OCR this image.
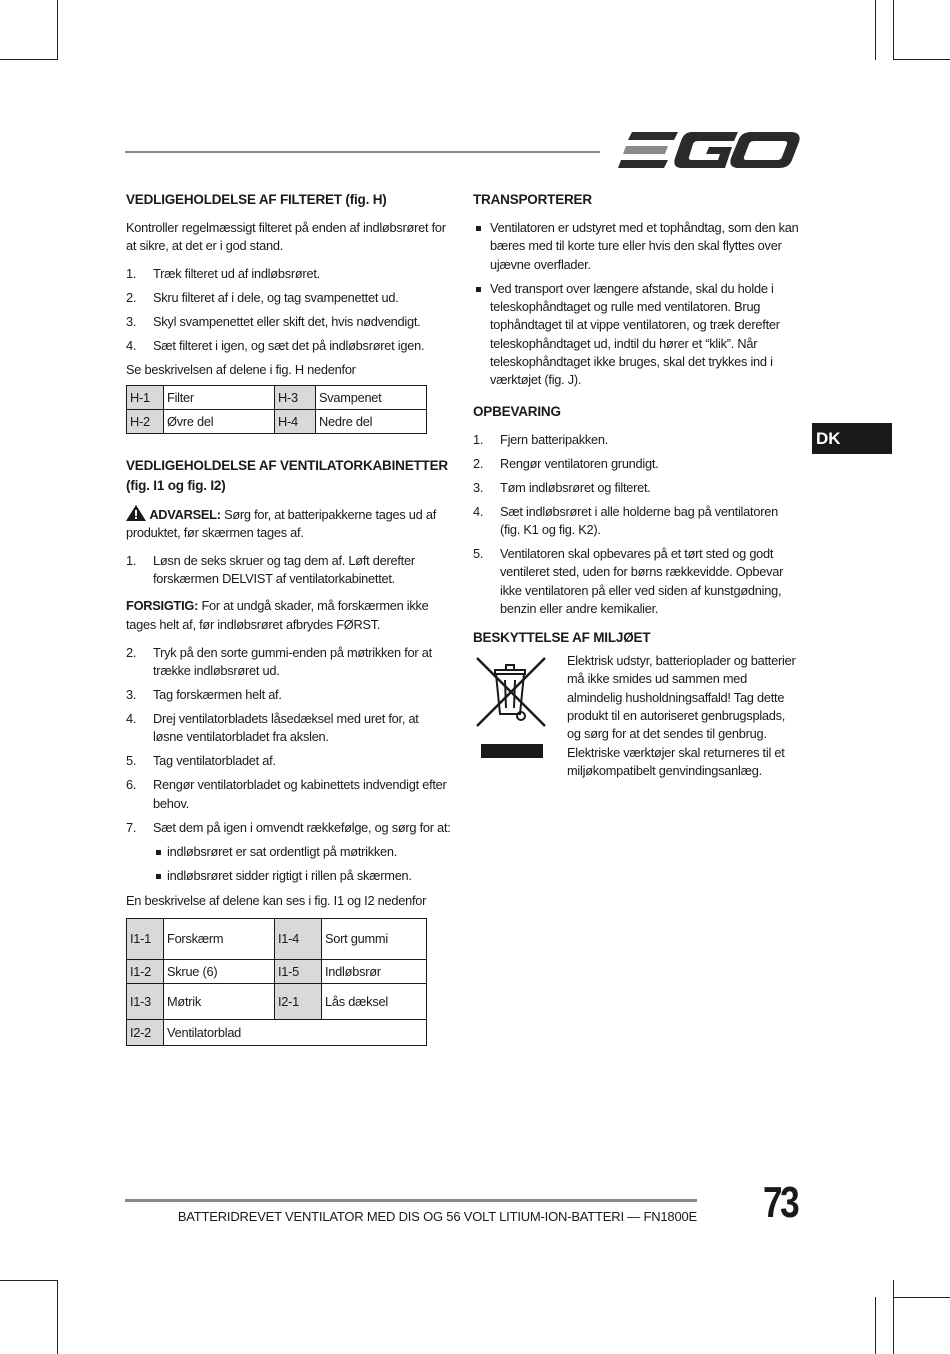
VEDLIGEHOLDELSE AF FILTERET (fig. H)

Kontroller regelmæssigt filteret på enden af indløbsrøret for at sikre, at det er i god stand.

1. Træk filteret ud af indløbsrøret.
2. Skru filteret af i dele, og tag svampenettet ud.
3. Skyl svampenettet eller skift det, hvis nødvendigt.
4. Sæt filteret i igen, og sæt det på indløbsrøret igen.

Se beskrivelsen af delene i fig. H nedenfor

H-1	Filter	H-3	Svampenet
H-2	Øvre del	H-4	Nedre del
VEDLIGEHOLDELSE AF VENTILATORKABINETTER (fig. I1 og fig. I2)

ADVARSEL: Sørg for, at batteripakkerne tages ud af produktet, før skærmen tages af.

1. Løsn de seks skruer og tag dem af. Løft derefter forskærmen DELVIST af ventilatorkabinettet.

FORSIGTIG: For at undgå skader, må forskærmen ikke tages helt af, før indløbsrøret afbrydes FØRST.

2. Tryk på den sorte gummi-enden på møtrikken for at trække indløbsrøret ud.
3. Tag forskærmen helt af.
4. Drej ventilatorbladets låsedæksel med uret for, at løsne ventilatorbladet fra akslen.
5. Tag ventilatorbladet af.
6. Rengør ventilatorbladet og kabinettets indvendigt efter behov.
7. Sæt dem på igen i omvendt rækkefølge, og sørg for at:
indløbsrøret er sat ordentligt på møtrikken.
indløbsrøret sidder rigtigt i rillen på skærmen.

En beskrivelse af delene kan ses i fig. I1 og I2 nedenfor

I1-1	Forskærm	I1-4	Sort gummi
I1-2	Skrue (6)	I1-5	Indløbsrør
I1-3	Møtrik	I2-1	Lås dæksel
I2-2	Ventilatorblad		
TRANSPORTERER
Ventilatoren er udstyret med et tophåndtag, som den kan bæres med til korte ture eller hvis den skal flyttes over ujævne overflader.
Ved transport over længere afstande, skal du holde i teleskophåndtaget og rulle med ventilatoren. Brug tophåndtaget til at vippe ventilatoren, og træk derefter teleskophåndtaget ud, indtil du hører et “klik”. Når teleskophåndtaget ikke bruges, skal det trykkes ind i værktøjet (fig. J).
OPBEVARING
1. Fjern batteripakken.
2. Rengør ventilatoren grundigt.
3. Tøm indløbsrøret og filteret.
4. Sæt indløbsrøret i alle holderne bag på ventilatoren (fig. K1 og fig. K2).
5. Ventilatoren skal opbevares på et tørt sted og godt ventileret sted, uden for børns rækkevidde. Opbevar ikke ventilatoren på eller ved siden af kunstgødning, benzin eller andre kemikalier.
BESKYTTELSE AF MILJØET

Elektrisk udstyr, batterioplader og batterier må ikke smides ud sammen med almindelig husholdningsaffald! Tag dette produkt til en autoriseret genbrugsplads, og sørg for at det sendes til genbrug. Elektriske værktøjer skal returneres til et miljøkompatibelt genvindingsanlæg.

DK
BATTERIDREVET VENTILATOR MED DIS OG 56 VOLT LITIUM-ION-BATTERI — FN1800E 73
